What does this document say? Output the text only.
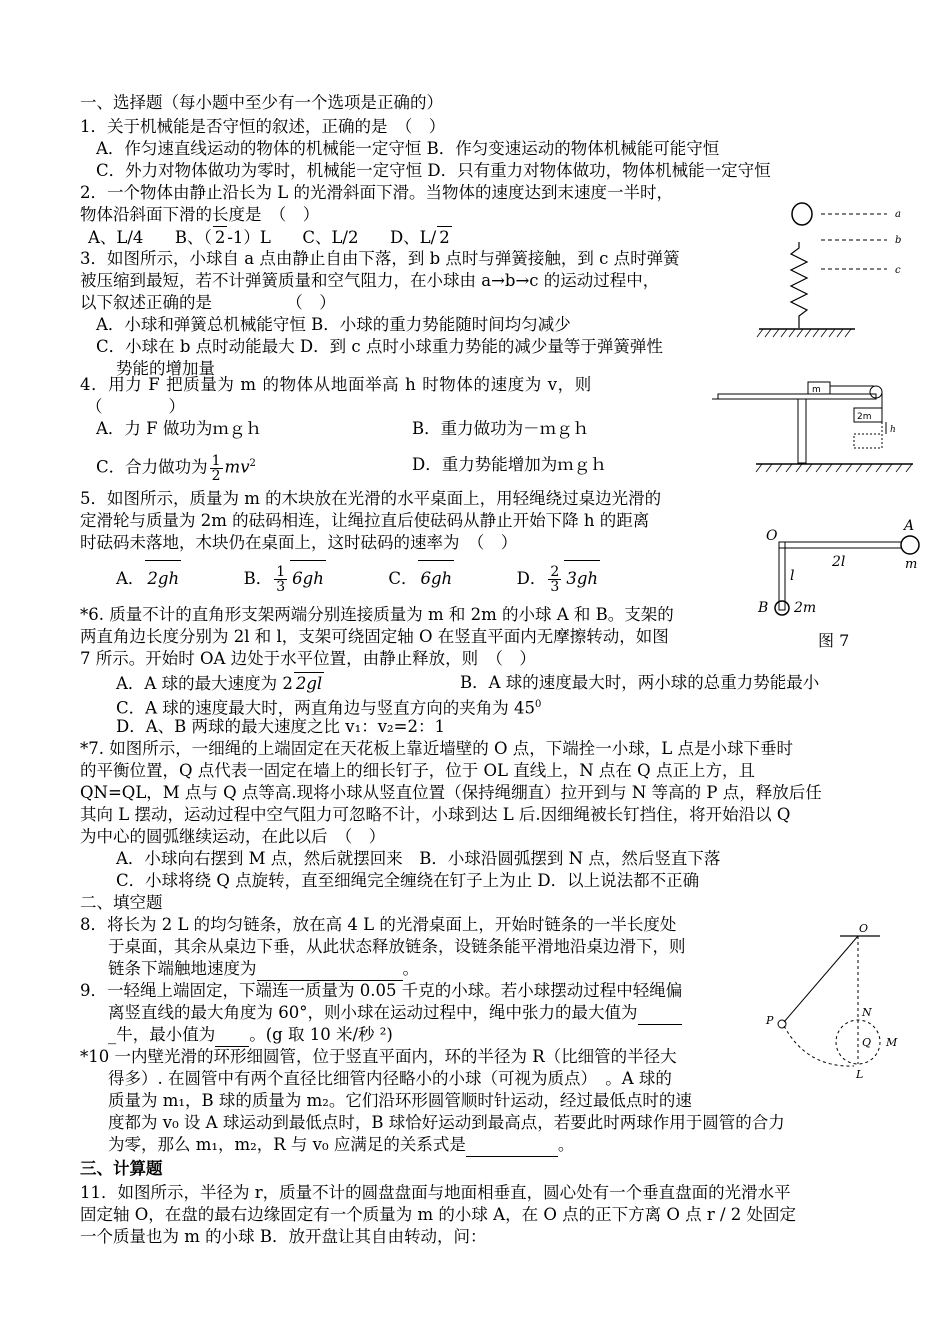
一、选择题（每小题中至少有一个选项是正确的）
1．关于机械能是否守恒的叙述，正确的是　（　）
A．作匀速直线运动的物体的机械能一定守恒 B．作匀变速运动的物体机械能可能守恒
C．外力对物体做功为零时，机械能一定守恒 D．只有重力对物体做功，物体机械能一定守恒
2．一个物体由静止沿长为 L 的光滑斜面下滑。当物体的速度达到末速度一半时，
物体沿斜面下滑的长度是　（　）
A、L/4 B、（ 2 -1）L C、L/2 D、L/ 2
3．如图所示，小球自 a 点由静止自由下落，到 b 点时与弹簧接触，到 c 点时弹簧
被压缩到最短，若不计弹簧质量和空气阻力，在小球由 a→b→c 的运动过程中，
以下叙述正确的是　　　　　（　）
A．小球和弹簧总机械能守恒 B．小球的重力势能随时间均匀减少
C．小球在 b 点时动能最大 D．到 c 点时小球重力势能的减少量等于弹簧弹性
势能的增加量
a
b
c
4．用力 F 把质量为 m 的物体从地面举高 h 时物体的速度为 v，则
（　　　　）
A．力 F 做功为ｍｇｈ	B．重力做功为－ｍｇｈ
C．合力做功为 $\frac{1}{2} mv^2$	D．重力势能增加为ｍｇｈ
m
2m
h
5．如图所示，质量为 m 的木块放在光滑的水平桌面上，用轻绳绕过桌边光滑的
定滑轮与质量为 2m 的砝码相连，让绳拉直后使砝码从静止开始下降 h 的距离
时砝码未落地，木块仍在桌面上，这时砝码的速率为　（　）
A． 2gh	B． $\frac{1}{3} 6gh$	C． 6gh	D． $\frac{2}{3} 3gh$
O
A
m
2l
l
B 2m
图 7
*6. 质量不计的直角形支架两端分别连接质量为 m 和 2m 的小球 A 和 B。支架的
两直角边长度分别为 2l 和 l，支架可绕固定轴 O 在竖直平面内无摩擦转动，如图
7 所示。开始时 OA 边处于水平位置，由静止释放，则　（　）
A．A 球的最大速度为 2 2gl	B．A 球的速度最大时，两小球的总重力势能最小
C．A 球的速度最大时，两直角边与竖直方向的夹角为 $45^0$
D．A、B 两球的最大速度之比 v₁：v₂=2：1
*7. 如图所示，一细绳的上端固定在天花板上靠近墙壁的 O 点，下端拴一小球，L 点是小球下垂时
的平衡位置，Q 点代表一固定在墙上的细长钉子，位于 OL 直线上，N 点在 Q 点正上方，且
QN=QL，M 点与 Q 点等高.现将小球从竖直位置（保持绳绷直）拉开到与 N 等高的 P 点，释放后任
其向 L 摆动，运动过程中空气阻力可忽略不计，小球到达 L 后.因细绳被长钉挡住，将开始沿以 Q
为中心的圆弧继续运动，在此以后　（　）
A．小球向右摆到 M 点，然后就摆回来　B．小球沿圆弧摆到 N 点，然后竖直下落
C．小球将绕 Q 点旋转，直至细绳完全缠绕在钉子上为止 D．以上说法都不正确
二、填空题
O
P
N
Q M
L
8．将长为 2 L 的均匀链条，放在高 4 L 的光滑桌面上，开始时链条的一半长度处
于桌面，其余从桌边下垂，从此状态释放链条，设链条能平滑地沿桌边滑下，则
链条下端触地速度为	。
9．一轻绳上端固定，下端连一质量为 0.05 千克的小球。若小球摆动过程中轻绳偏
离竖直线的最大角度为 60°，则小球在运动过程中，绳中张力的最大值为
_牛，最小值为 。(g 取 10 米/秒 ²)
*10 一内壁光滑的环形细圆管，位于竖直平面内，环的半径为 R（比细管的半径大
得多）. 在圆管中有两个直径比细管内径略小的小球（可视为质点）　。A 球的
质量为 m₁，B 球的质量为 m₂。它们沿环形圆管顺时针运动，经过最低点时的速
度都为 v₀ 设 A 球运动到最低点时，B 球恰好运动到最高点，若要此时两球作用于圆管的合力
为零，那么 m₁，m₂，R 与 v₀ 应满足的关系式是	。
三、计算题
11．如图所示，半径为 r，质量不计的圆盘盘面与地面相垂直，圆心处有一个垂直盘面的光滑水平
固定轴 O，在盘的最右边缘固定有一个质量为 m 的小球 A，在 O 点的正下方离 O 点 r / 2 处固定
一个质量也为 m 的小球 B．放开盘让其自由转动，问：
